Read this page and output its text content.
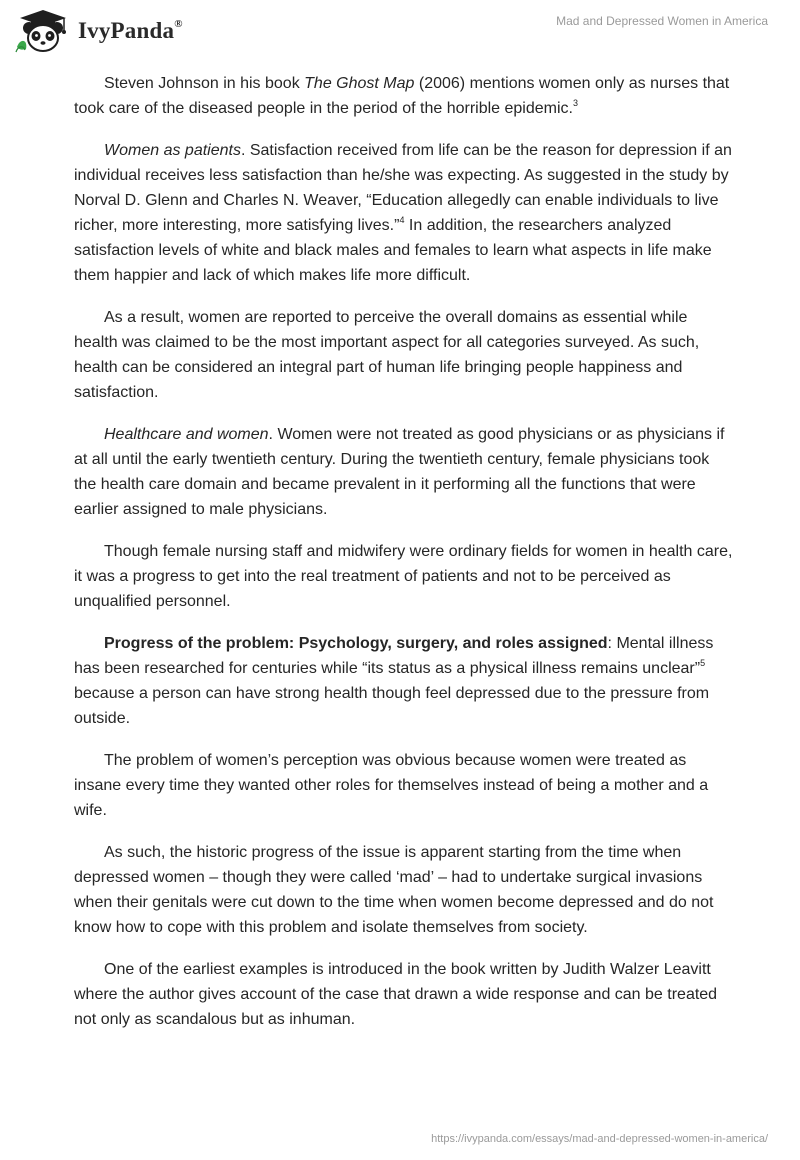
IvyPanda®	Mad and Depressed Women in America

Steven Johnson in his book The Ghost Map (2006) mentions women only as nurses that took care of the diseased people in the period of the horrible epidemic.$^3$

Women as patients. Satisfaction received from life can be the reason for depression if an individual receives less satisfaction than he/she was expecting. As suggested in the study by Norval D. Glenn and Charles N. Weaver, “Education allegedly can enable individuals to live richer, more interesting, more satisfying lives.”$^4$ In addition, the researchers analyzed satisfaction levels of white and black males and females to learn what aspects in life make them happier and lack of which makes life more difficult.

As a result, women are reported to perceive the overall domains as essential while health was claimed to be the most important aspect for all categories surveyed. As such, health can be considered an integral part of human life bringing people happiness and satisfaction.

Healthcare and women. Women were not treated as good physicians or as physicians if at all until the early twentieth century. During the twentieth century, female physicians took the health care domain and became prevalent in it performing all the functions that were earlier assigned to male physicians.

Though female nursing staff and midwifery were ordinary fields for women in health care, it was a progress to get into the real treatment of patients and not to be perceived as unqualified personnel.

Progress of the problem: Psychology, surgery, and roles assigned: Mental illness has been researched for centuries while “its status as a physical illness remains unclear”$^5$ because a person can have strong health though feel depressed due to the pressure from outside.

The problem of women’s perception was obvious because women were treated as insane every time they wanted other roles for themselves instead of being a mother and a wife.

As such, the historic progress of the issue is apparent starting from the time when depressed women – though they were called ‘mad’ – had to undertake surgical invasions when their genitals were cut down to the time when women become depressed and do not know how to cope with this problem and isolate themselves from society.

One of the earliest examples is introduced in the book written by Judith Walzer Leavitt where the author gives account of the case that drawn a wide response and can be treated not only as scandalous but as inhuman.

https://ivypanda.com/essays/mad-and-depressed-women-in-america/
